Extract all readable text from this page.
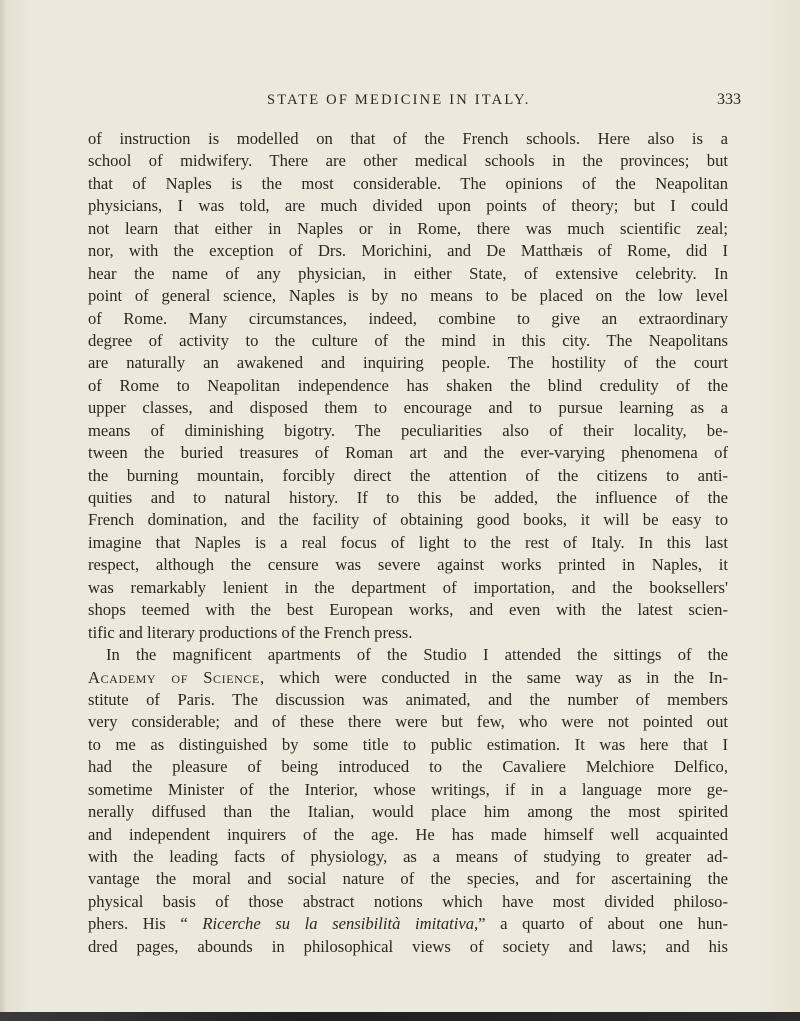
STATE OF MEDICINE IN ITALY.	333
of instruction is modelled on that of the French schools. Here also is a
school of midwifery. There are other medical schools in the provinces; but
that of Naples is the most considerable. The opinions of the Neapolitan
physicians, I was told, are much divided upon points of theory; but I could
not learn that either in Naples or in Rome, there was much scientific zeal;
nor, with the exception of Drs. Morichini, and De Matthæis of Rome, did I
hear the name of any physician, in either State, of extensive celebrity. In
point of general science, Naples is by no means to be placed on the low level
of Rome. Many circumstances, indeed, combine to give an extraordinary
degree of activity to the culture of the mind in this city. The Neapolitans
are naturally an awakened and inquiring people. The hostility of the court
of Rome to Neapolitan independence has shaken the blind credulity of the
upper classes, and disposed them to encourage and to pursue learning as a
means of diminishing bigotry. The peculiarities also of their locality, be-
tween the buried treasures of Roman art and the ever-varying phenomena of
the burning mountain, forcibly direct the attention of the citizens to anti-
quities and to natural history. If to this be added, the influence of the
French domination, and the facility of obtaining good books, it will be easy to
imagine that Naples is a real focus of light to the rest of Italy. In this last
respect, although the censure was severe against works printed in Naples, it
was remarkably lenient in the department of importation, and the booksellers'
shops teemed with the best European works, and even with the latest scien-
tific and literary productions of the French press.
In the magnificent apartments of the Studio I attended the sittings of the
Academy of Science, which were conducted in the same way as in the In-
stitute of Paris. The discussion was animated, and the number of members
very considerable; and of these there were but few, who were not pointed out
to me as distinguished by some title to public estimation. It was here that I
had the pleasure of being introduced to the Cavaliere Melchiore Delfico,
sometime Minister of the Interior, whose writings, if in a language more ge-
nerally diffused than the Italian, would place him among the most spirited
and independent inquirers of the age. He has made himself well acquainted
with the leading facts of physiology, as a means of studying to greater ad-
vantage the moral and social nature of the species, and for ascertaining the
physical basis of those abstract notions which have most divided philoso-
phers. His “ Ricerche su la sensibilità imitativa,” a quarto of about one hun-
dred pages, abounds in philosophical views of society and laws; and his
